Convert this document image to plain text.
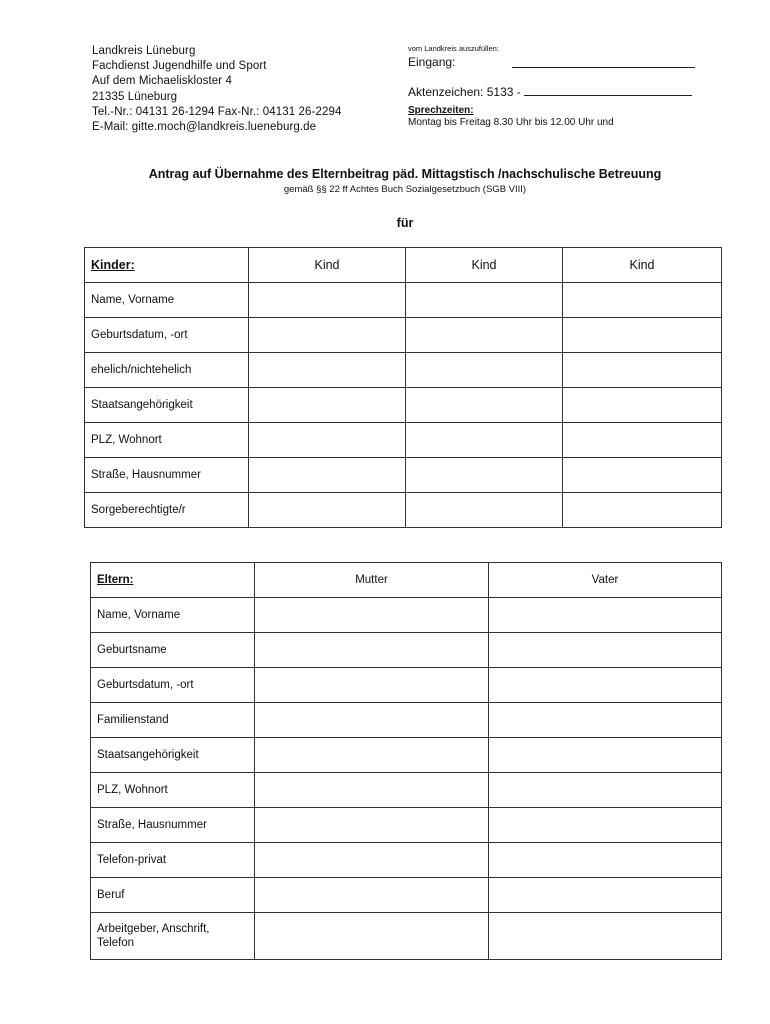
Landkreis Lüneburg
Fachdienst Jugendhilfe und Sport
Auf dem Michaeliskloster 4
21335 Lüneburg
Tel.-Nr.: 04131 26-1294 Fax-Nr.: 04131 26-2294
E-Mail: gitte.moch@landkreis.lueneburg.de
vom Landkreis auszufüllen:
Eingang:
Aktenzeichen: 5133 -
Sprechzeiten:
Montag bis Freitag 8.30 Uhr bis 12.00 Uhr und
Antrag auf Übernahme des Elternbeitrag päd. Mittagstisch /nachschulische Betreuung
gemäß §§ 22 ff Achtes Buch Sozialgesetzbuch (SGB VIII)
für
Kinder:	Kind	Kind	Kind
Name, Vorname			
Geburtsdatum, -ort			
ehelich/nichtehelich			
Staatsangehörigkeit			
PLZ, Wohnort			
Straße, Hausnummer			
Sorgeberechtigte/r			
Eltern:	Mutter	Vater
Name, Vorname		
Geburtsname		
Geburtsdatum, -ort		
Familienstand		
Staatsangehörigkeit		
PLZ, Wohnort		
Straße, Hausnummer		
Telefon-privat		
Beruf		
Arbeitgeber, Anschrift, Telefon		
